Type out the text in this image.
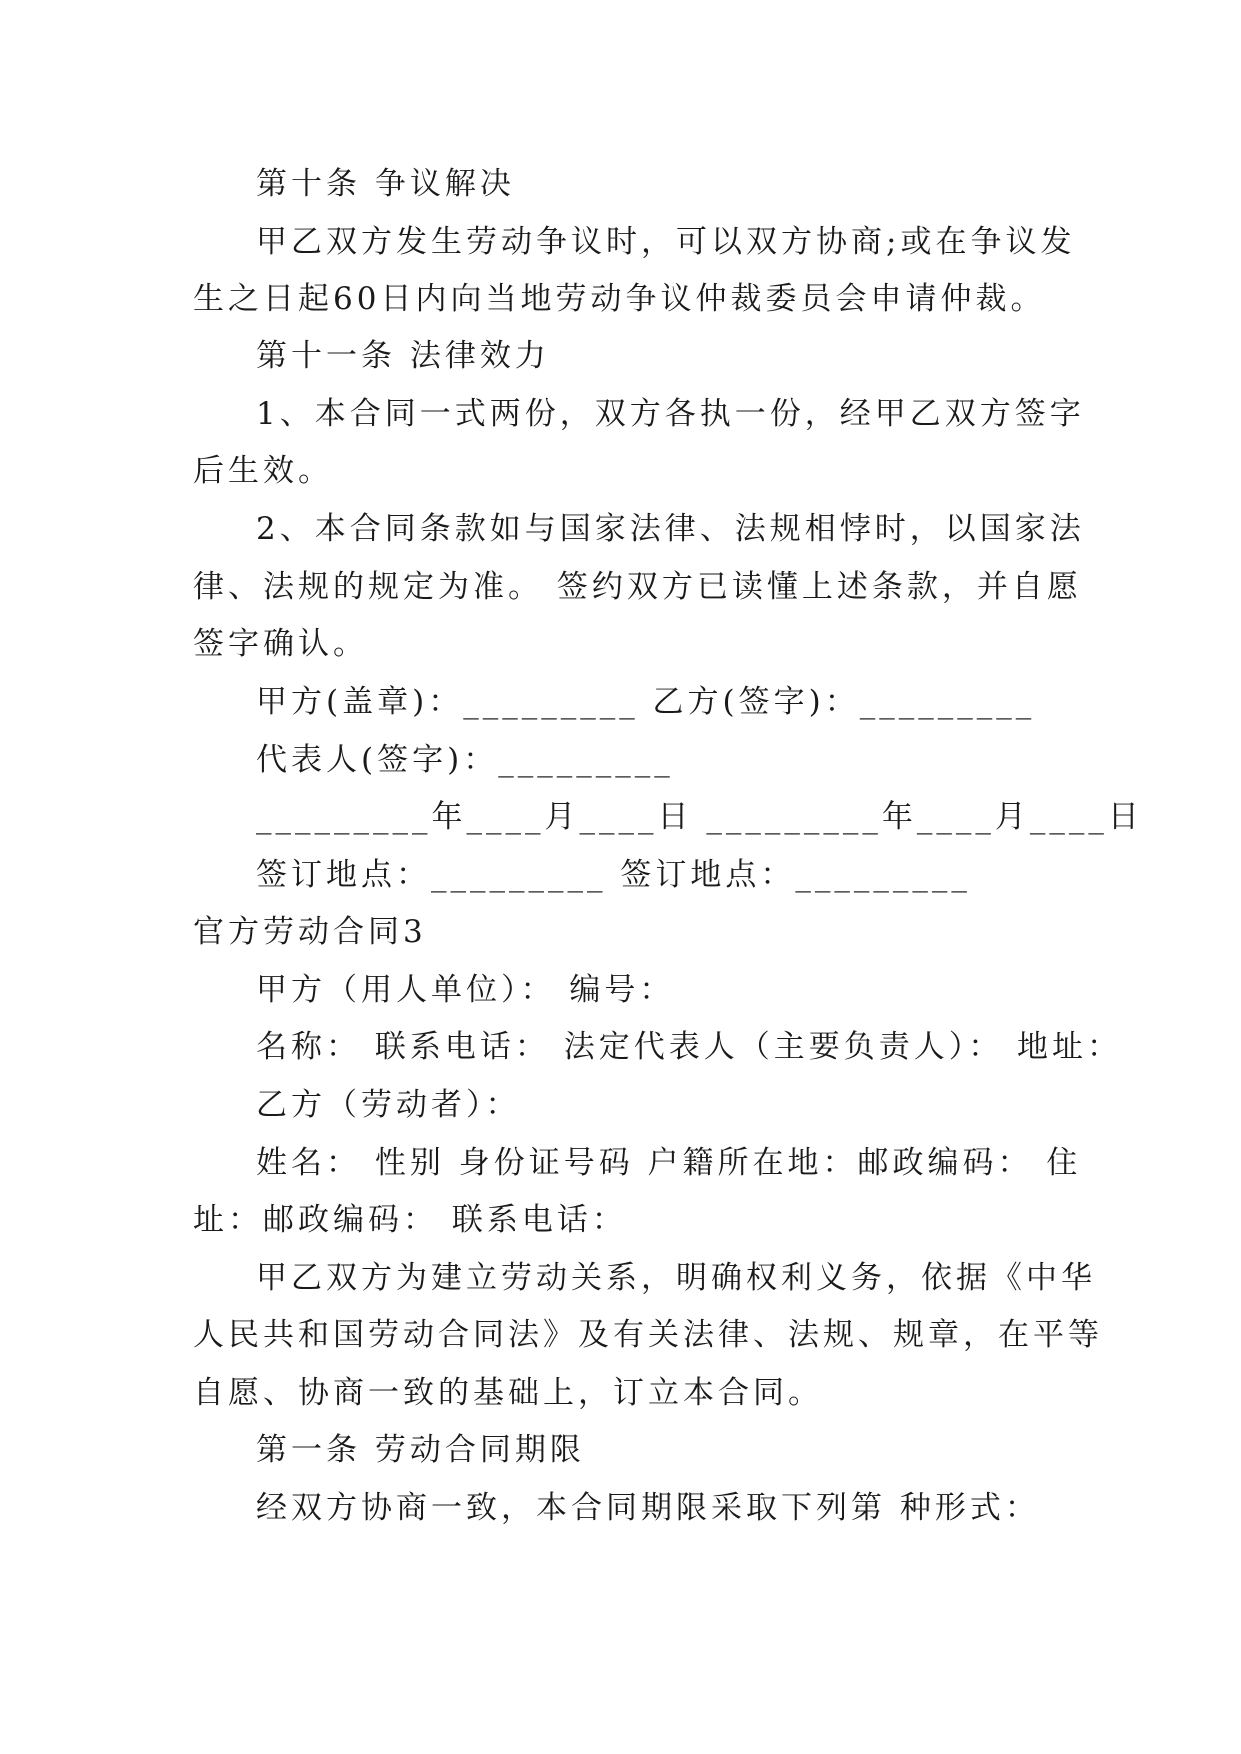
第十条 争议解决
甲乙双方发生劳动争议时，可以双方协商;或在争议发
生之日起60日内向当地劳动争议仲裁委员会申请仲裁。
第十一条 法律效力
1、本合同一式两份，双方各执一份，经甲乙双方签字
后生效。
2、本合同条款如与国家法律、法规相悖时，以国家法
律、法规的规定为准。 签约双方已读懂上述条款，并自愿
签字确认。
甲方(盖章)：_________ 乙方(签字)：_________
代表人(签字)：_________
_________年____月____日 _________年____月____日
签订地点：_________ 签订地点：_________
官方劳动合同3
甲方（用人单位）： 编号：
名称： 联系电话： 法定代表人（主要负责人）： 地址：
乙方（劳动者）：
姓名： 性别 身份证号码 户籍所在地：邮政编码： 住
址：邮政编码： 联系电话：
甲乙双方为建立劳动关系，明确权利义务，依据《中华
人民共和国劳动合同法》及有关法律、法规、规章，在平等
自愿、协商一致的基础上，订立本合同。
第一条 劳动合同期限
经双方协商一致，本合同期限采取下列第 种形式：
